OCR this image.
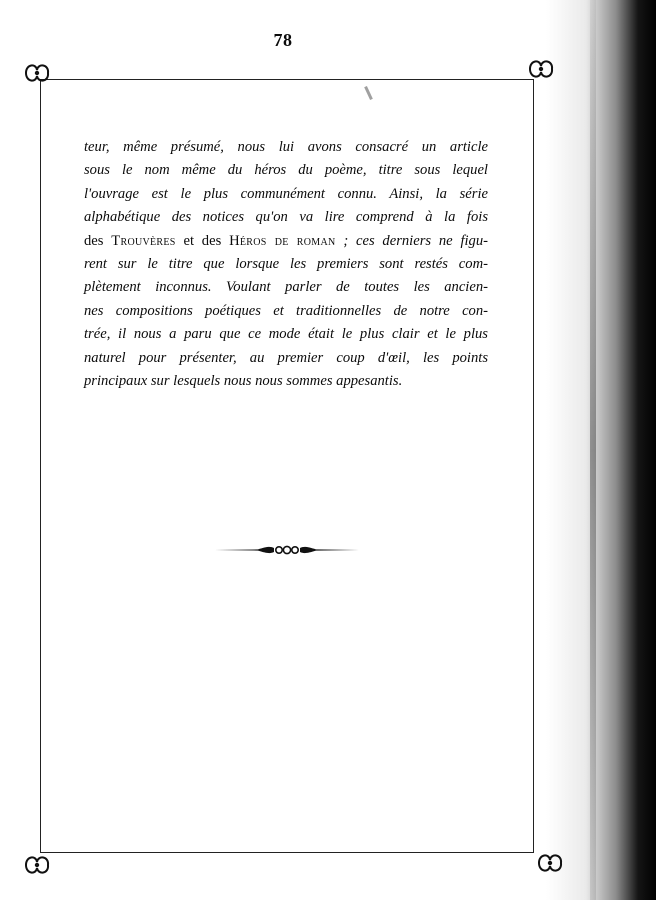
78
teur, même présumé, nous lui avons consacré un article
sous le nom même du héros du poème, titre sous lequel
l'ouvrage est le plus communément connu. Ainsi, la série
alphabétique des notices qu'on va lire comprend à la fois
des Trouvères et des Héros de roman ; ces derniers ne figu-
rent sur le titre que lorsque les premiers sont restés com-
plètement inconnus. Voulant parler de toutes les ancien-
nes compositions poétiques et traditionnelles de notre con-
trée, il nous a paru que ce mode était le plus clair et le plus
naturel pour présenter, au premier coup d'œil, les points
principaux sur lesquels nous nous sommes appesantis.
